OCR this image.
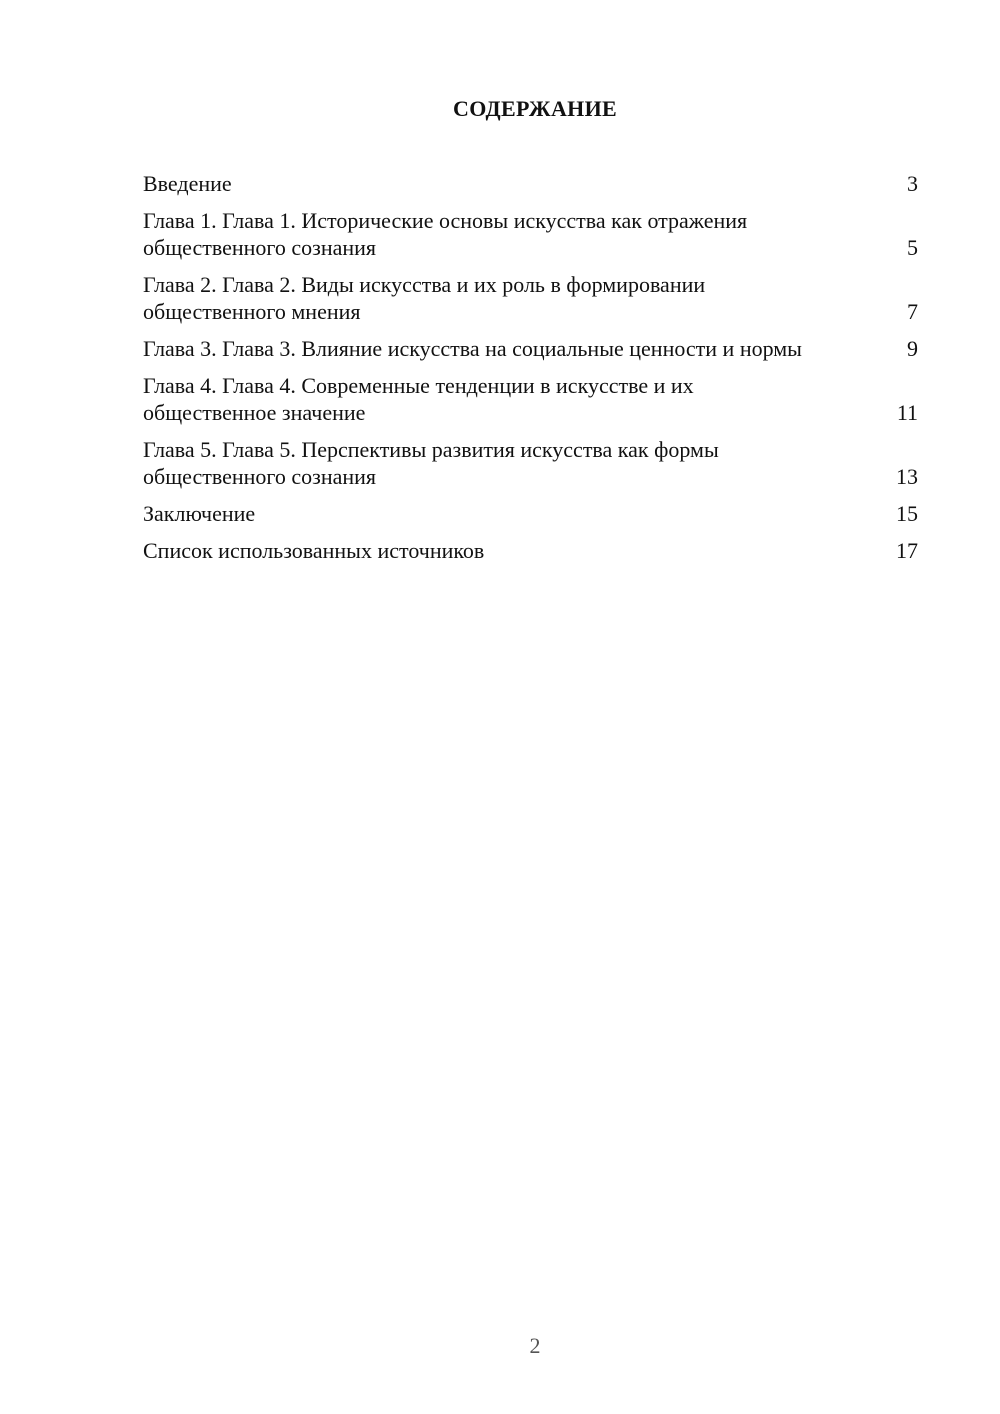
СОДЕРЖАНИЕ
Введение	3
Глава 1. Глава 1. Исторические основы искусства как отражения общественного сознания	5
Глава 2. Глава 2. Виды искусства и их роль в формировании общественного мнения	7
Глава 3. Глава 3. Влияние искусства на социальные ценности и нормы	9
Глава 4. Глава 4. Современные тенденции в искусстве и их общественное значение	11
Глава 5. Глава 5. Перспективы развития искусства как формы общественного сознания	13
Заключение	15
Список использованных источников	17
2
